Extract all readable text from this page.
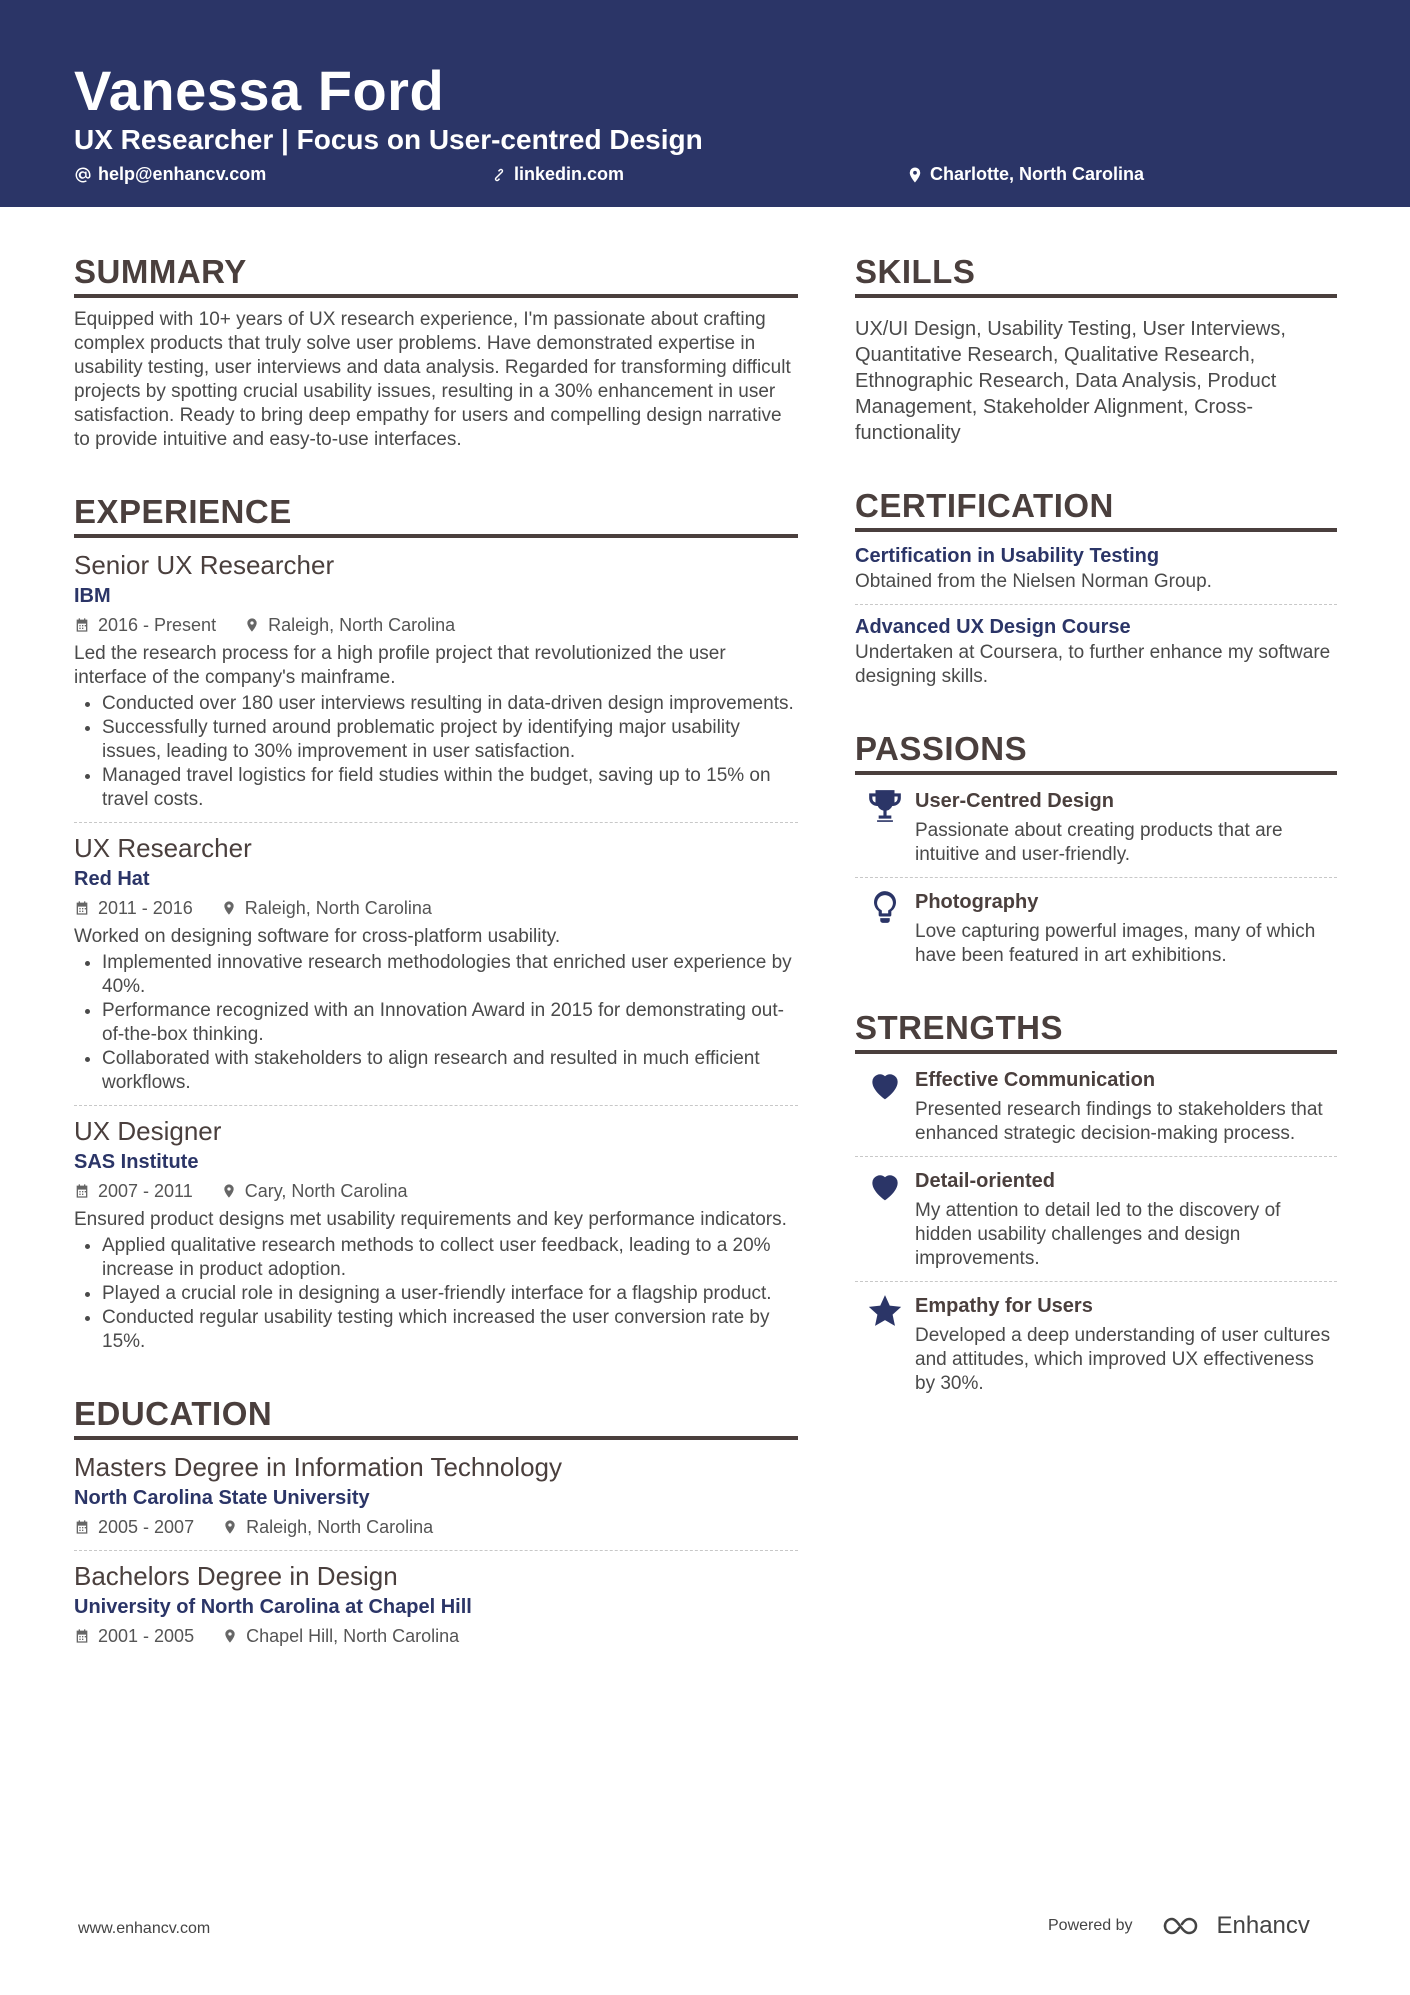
Vanessa Ford
UX Researcher | Focus on User-centred Design
help@enhancv.com	linkedin.com	Charlotte, North Carolina
SUMMARY
Equipped with 10+ years of UX research experience, I'm passionate about crafting complex products that truly solve user problems. Have demonstrated expertise in usability testing, user interviews and data analysis. Regarded for transforming difficult projects by spotting crucial usability issues, resulting in a 30% enhancement in user satisfaction. Ready to bring deep empathy for users and compelling design narrative to provide intuitive and easy-to-use interfaces.
EXPERIENCE
Senior UX Researcher
IBM
2016 - Present	Raleigh, North Carolina
Led the research process for a high profile project that revolutionized the user interface of the company's mainframe.
• Conducted over 180 user interviews resulting in data-driven design improvements.
• Successfully turned around problematic project by identifying major usability issues, leading to 30% improvement in user satisfaction.
• Managed travel logistics for field studies within the budget, saving up to 15% on travel costs.
UX Researcher
Red Hat
2011 - 2016	Raleigh, North Carolina
Worked on designing software for cross-platform usability.
• Implemented innovative research methodologies that enriched user experience by 40%.
• Performance recognized with an Innovation Award in 2015 for demonstrating out-of-the-box thinking.
• Collaborated with stakeholders to align research and resulted in much efficient workflows.
UX Designer
SAS Institute
2007 - 2011	Cary, North Carolina
Ensured product designs met usability requirements and key performance indicators.
• Applied qualitative research methods to collect user feedback, leading to a 20% increase in product adoption.
• Played a crucial role in designing a user-friendly interface for a flagship product.
• Conducted regular usability testing which increased the user conversion rate by 15%.
EDUCATION
Masters Degree in Information Technology
North Carolina State University
2005 - 2007	Raleigh, North Carolina
Bachelors Degree in Design
University of North Carolina at Chapel Hill
2001 - 2005	Chapel Hill, North Carolina
SKILLS
UX/UI Design, Usability Testing, User Interviews, Quantitative Research, Qualitative Research, Ethnographic Research, Data Analysis, Product Management, Stakeholder Alignment, Cross-functionality
CERTIFICATION
Certification in Usability Testing
Obtained from the Nielsen Norman Group.
Advanced UX Design Course
Undertaken at Coursera, to further enhance my software designing skills.
PASSIONS
User-Centred Design
Passionate about creating products that are intuitive and user-friendly.
Photography
Love capturing powerful images, many of which have been featured in art exhibitions.
STRENGTHS
Effective Communication
Presented research findings to stakeholders that enhanced strategic decision-making process.
Detail-oriented
My attention to detail led to the discovery of hidden usability challenges and design improvements.
Empathy for Users
Developed a deep understanding of user cultures and attitudes, which improved UX effectiveness by 30%.
www.enhancv.com	Powered by	Enhancv
